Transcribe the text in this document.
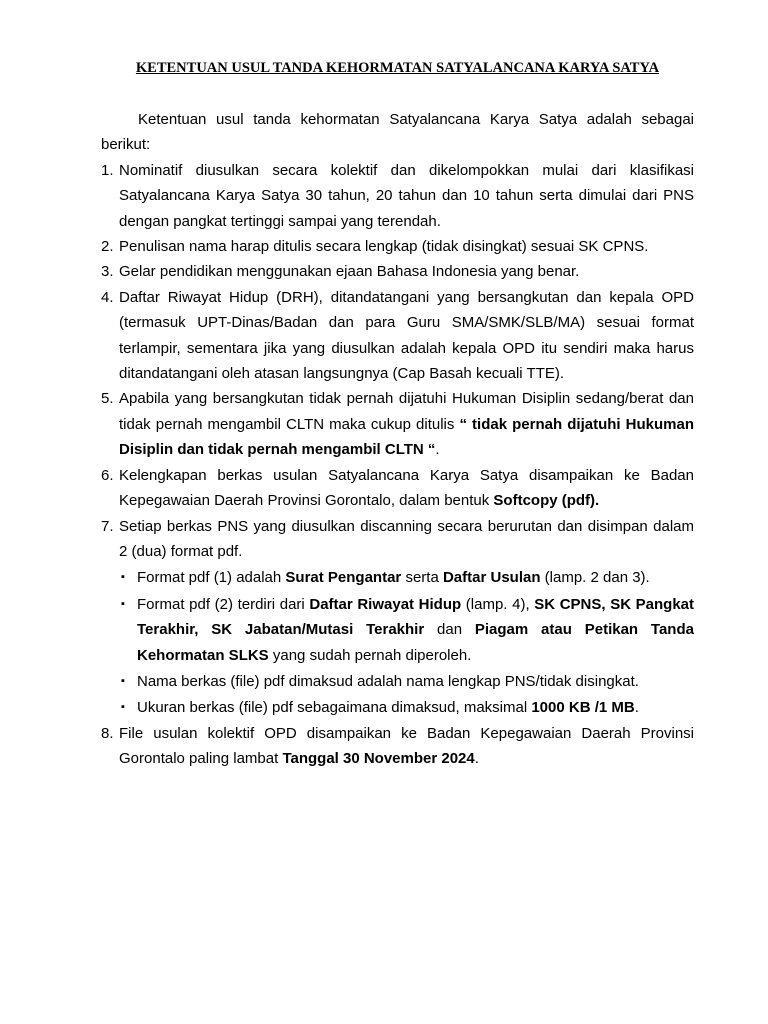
KETENTUAN USUL TANDA KEHORMATAN SATYALANCANA KARYA SATYA

Ketentuan usul tanda kehormatan Satyalancana Karya Satya adalah sebagai berikut:

1. Nominatif diusulkan secara kolektif dan dikelompokkan mulai dari klasifikasi Satyalancana Karya Satya 30 tahun, 20 tahun dan 10 tahun serta dimulai dari PNS dengan pangkat tertinggi sampai yang terendah.
2. Penulisan nama harap ditulis secara lengkap (tidak disingkat) sesuai SK CPNS.
3. Gelar pendidikan menggunakan ejaan Bahasa Indonesia yang benar.
4. Daftar Riwayat Hidup (DRH), ditandatangani yang bersangkutan dan kepala OPD (termasuk UPT-Dinas/Badan dan para Guru SMA/SMK/SLB/MA) sesuai format terlampir, sementara jika yang diusulkan adalah kepala OPD itu sendiri maka harus ditandatangani oleh atasan langsungnya (Cap Basah kecuali TTE).
5. Apabila yang bersangkutan tidak pernah dijatuhi Hukuman Disiplin sedang/berat dan tidak pernah mengambil CLTN maka cukup ditulis “ tidak pernah dijatuhi Hukuman Disiplin dan tidak pernah mengambil CLTN “.
6. Kelengkapan berkas usulan Satyalancana Karya Satya disampaikan ke Badan Kepegawaian Daerah Provinsi Gorontalo, dalam bentuk Softcopy (pdf).
7. Setiap berkas PNS yang diusulkan discanning secara berurutan dan disimpan dalam 2 (dua) format pdf.
▪ Format pdf (1) adalah Surat Pengantar serta Daftar Usulan (lamp. 2 dan 3).
▪ Format pdf (2) terdiri dari Daftar Riwayat Hidup (lamp. 4), SK CPNS, SK Pangkat Terakhir, SK Jabatan/Mutasi Terakhir dan Piagam atau Petikan Tanda Kehormatan SLKS yang sudah pernah diperoleh.
▪ Nama berkas (file) pdf dimaksud adalah nama lengkap PNS/tidak disingkat.
▪ Ukuran berkas (file) pdf sebagaimana dimaksud, maksimal 1000 KB /1 MB.
8. File usulan kolektif OPD disampaikan ke Badan Kepegawaian Daerah Provinsi Gorontalo paling lambat Tanggal 30 November 2024.
